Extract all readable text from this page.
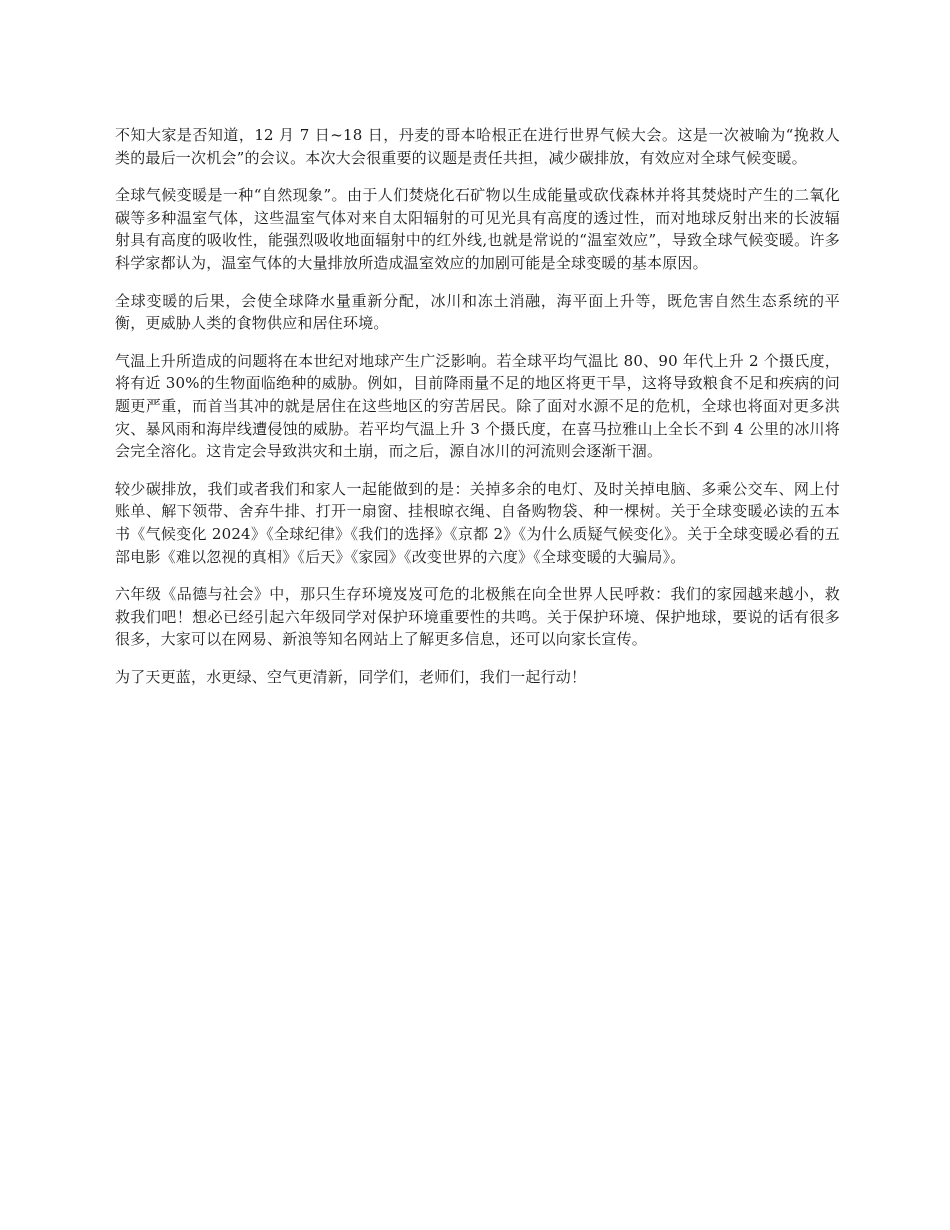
不知大家是否知道，12 月 7 日~18 日，丹麦的哥本哈根正在进行世界气候大会。这是一次被喻为“挽救人类的最后一次机会”的会议。本次大会很重要的议题是责任共担，减少碳排放，有效应对全球气候变暖。

全球气候变暖是一种“自然现象”。由于人们焚烧化石矿物以生成能量或砍伐森林并将其焚烧时产生的二氧化碳等多种温室气体，这些温室气体对来自太阳辐射的可见光具有高度的透过性，而对地球反射出来的长波辐射具有高度的吸收性，能强烈吸收地面辐射中的红外线,也就是常说的“温室效应”，导致全球气候变暖。许多科学家都认为，温室气体的大量排放所造成温室效应的加剧可能是全球变暖的基本原因。

全球变暖的后果，会使全球降水量重新分配，冰川和冻土消融，海平面上升等，既危害自然生态系统的平衡，更威胁人类的食物供应和居住环境。

气温上升所造成的问题将在本世纪对地球产生广泛影响。若全球平均气温比 80、90 年代上升 2 个摄氏度，将有近 30%的生物面临绝种的威胁。例如，目前降雨量不足的地区将更干旱，这将导致粮食不足和疾病的问题更严重，而首当其冲的就是居住在这些地区的穷苦居民。除了面对水源不足的危机，全球也将面对更多洪灾、暴风雨和海岸线遭侵蚀的威胁。若平均气温上升 3 个摄氏度，在喜马拉雅山上全长不到 4 公里的冰川将会完全溶化。这肯定会导致洪灾和土崩，而之后，源自冰川的河流则会逐渐干涸。

较少碳排放，我们或者我们和家人一起能做到的是：关掉多余的电灯、及时关掉电脑、多乘公交车、网上付账单、解下领带、舍弃牛排、打开一扇窗、挂根晾衣绳、自备购物袋、种一棵树。关于全球变暖必读的五本书《气候变化 2024》《全球纪律》《我们的选择》《京都 2》《为什么质疑气候变化》。关于全球变暖必看的五部电影《难以忽视的真相》《后天》《家园》《改变世界的六度》《全球变暖的大骗局》。

六年级《品德与社会》中，那只生存环境岌岌可危的北极熊在向全世界人民呼救：我们的家园越来越小，救救我们吧！想必已经引起六年级同学对保护环境重要性的共鸣。关于保护环境、保护地球，要说的话有很多很多，大家可以在网易、新浪等知名网站上了解更多信息，还可以向家长宣传。

为了天更蓝，水更绿、空气更清新，同学们，老师们，我们一起行动！
